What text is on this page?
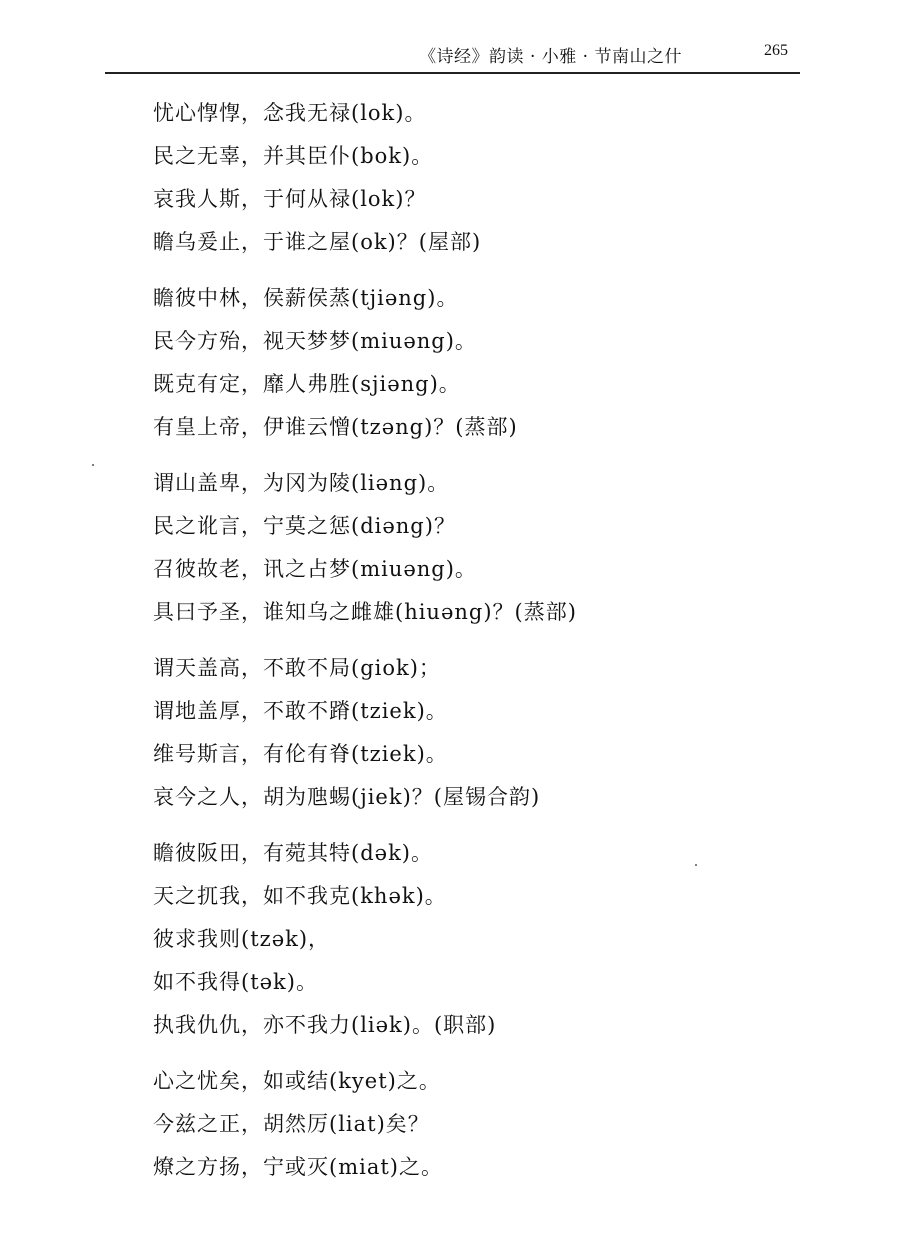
《诗经》韵读 · 小雅 · 节南山之什	265
忧心惸惸，念我无禄(lok)。
民之无辜，并其臣仆(bok)。
哀我人斯，于何从禄(lok)？
瞻乌爰止，于谁之屋(ok)？(屋部)
瞻彼中林，侯薪侯蒸(tjiəng)。
民今方殆，视天梦梦(miuəng)。
既克有定，靡人弗胜(sjiəng)。
有皇上帝，伊谁云憎(tzəng)？(蒸部)
谓山盖卑，为冈为陵(liəng)。
民之讹言，宁莫之惩(diəng)？
召彼故老，讯之占梦(miuəng)。
具曰予圣，谁知乌之雌雄(hiuəng)？(蒸部)
谓天盖高，不敢不局(giok)；
谓地盖厚，不敢不蹐(tziek)。
维号斯言，有伦有脊(tziek)。
哀今之人，胡为虺蜴(jiek)？(屋锡合韵)
瞻彼阪田，有菀其特(dək)。
天之扤我，如不我克(khək)。
彼求我则(tzək)，
如不我得(tək)。
执我仇仇，亦不我力(liək)。(职部)
心之忧矣，如或结(kyet)之。
今兹之正，胡然厉(liat)矣？
燎之方扬，宁或灭(miat)之。
